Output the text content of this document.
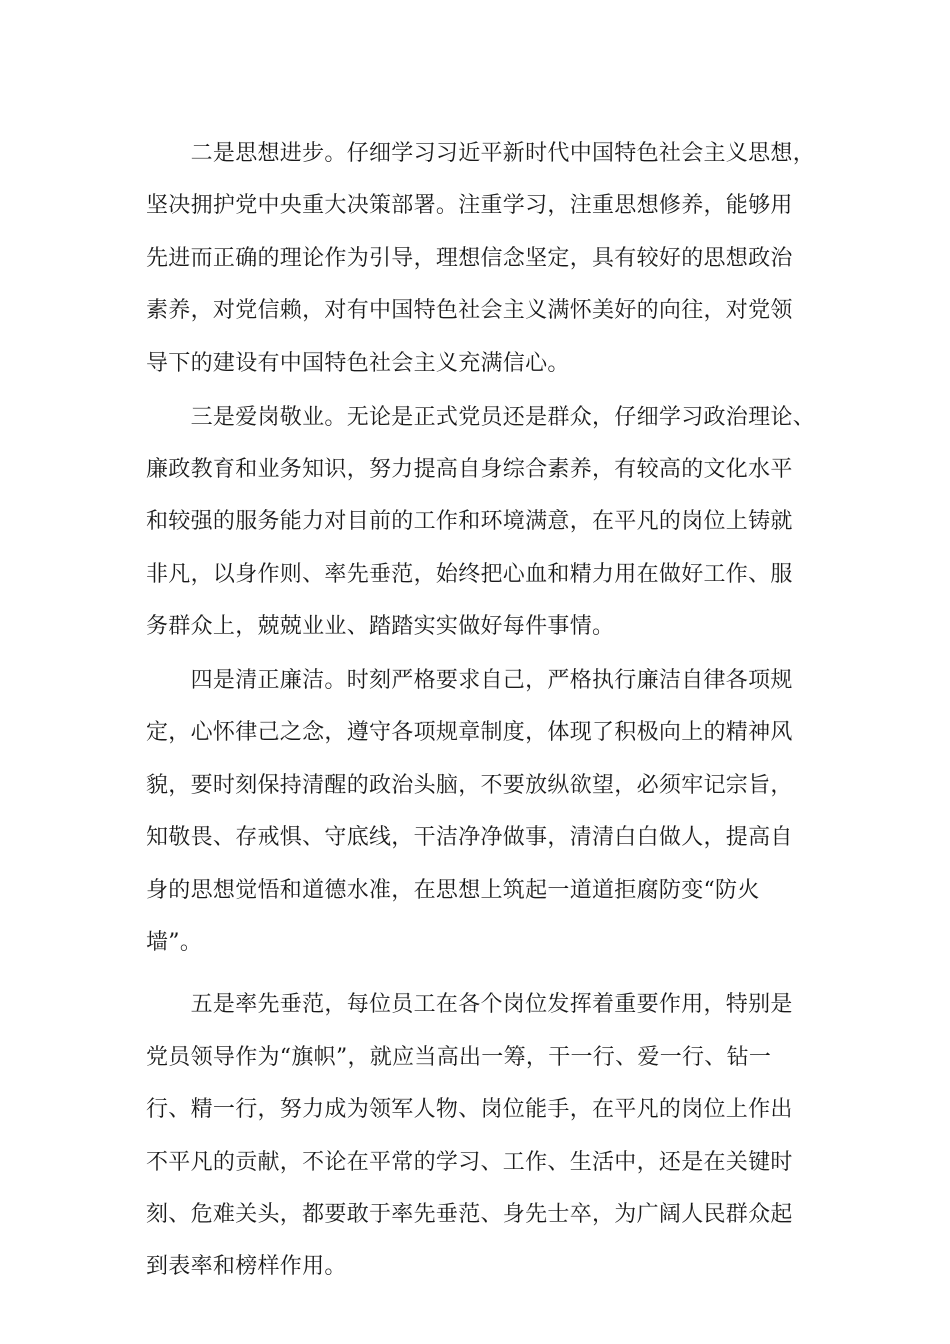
　　二是思想进步。仔细学习习近平新时代中国特色社会主义思想，
坚决拥护党中央重大决策部署。注重学习，注重思想修养，能够用
先进而正确的理论作为引导，理想信念坚定，具有较好的思想政治
素养，对党信赖，对有中国特色社会主义满怀美好的向往，对党领
导下的建设有中国特色社会主义充满信心。
　　三是爱岗敬业。无论是正式党员还是群众，仔细学习政治理论、
廉政教育和业务知识，努力提高自身综合素养，有较高的文化水平
和较强的服务能力对目前的工作和环境满意，在平凡的岗位上铸就
非凡，以身作则、率先垂范，始终把心血和精力用在做好工作、服
务群众上，兢兢业业、踏踏实实做好每件事情。
　　四是清正廉洁。时刻严格要求自己，严格执行廉洁自律各项规
定，心怀律己之念，遵守各项规章制度，体现了积极向上的精神风
貌，要时刻保持清醒的政治头脑，不要放纵欲望，必须牢记宗旨，
知敬畏、存戒惧、守底线，干洁净净做事，清清白白做人，提高自
身的思想觉悟和道德水准，在思想上筑起一道道拒腐防变“防火
墙”。
　　五是率先垂范，每位员工在各个岗位发挥着重要作用，特别是
党员领导作为“旗帜”，就应当高出一筹，干一行、爱一行、钻一
行、精一行，努力成为领军人物、岗位能手，在平凡的岗位上作出
不平凡的贡献，不论在平常的学习、工作、生活中，还是在关键时
刻、危难关头，都要敢于率先垂范、身先士卒，为广阔人民群众起
到表率和榜样作用。
